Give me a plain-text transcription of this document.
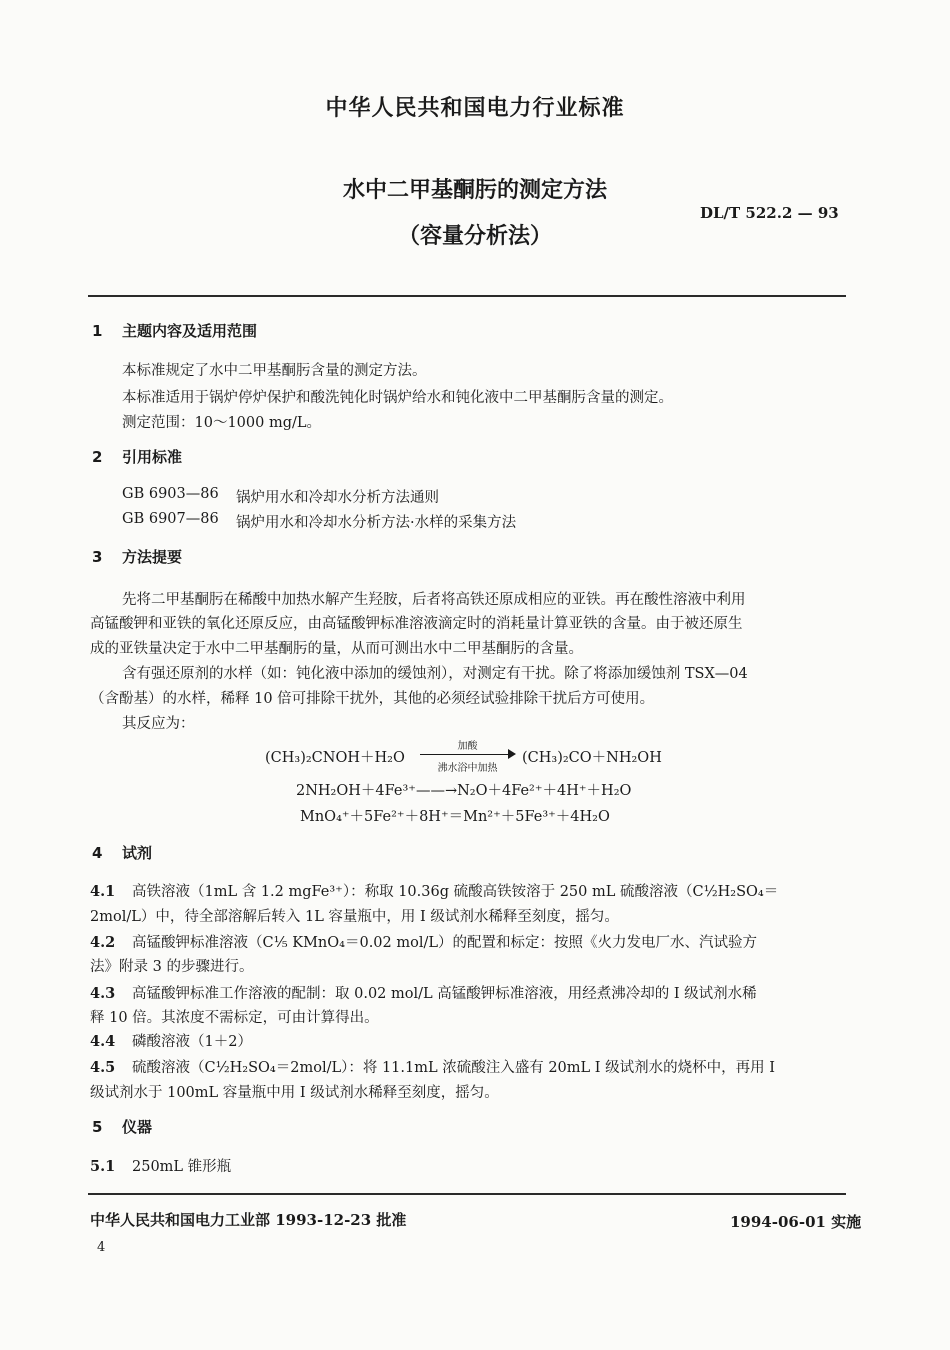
中华人民共和国电力行业标准
水中二甲基酮肟的测定方法
（容量分析法）
DL/T 522.2 — 93
1 主题内容及适用范围
本标准规定了水中二甲基酮肟含量的测定方法。
本标准适用于锅炉停炉保护和酸洗钝化时锅炉给水和钝化液中二甲基酮肟含量的测定。
测定范围：10～1000 mg/L。
2 引用标准
GB 6903—86 锅炉用水和冷却水分析方法通则
GB 6907—86 锅炉用水和冷却水分析方法·水样的采集方法
3 方法提要
先将二甲基酮肟在稀酸中加热水解产生羟胺，后者将高铁还原成相应的亚铁。再在酸性溶液中利用
高锰酸钾和亚铁的氧化还原反应，由高锰酸钾标准溶液滴定时的消耗量计算亚铁的含量。由于被还原生
成的亚铁量决定于水中二甲基酮肟的量，从而可测出水中二甲基酮肟的含量。
含有强还原剂的水样（如：钝化液中添加的缓蚀剂），对测定有干扰。除了将添加缓蚀剂 TSX—04
（含酚基）的水样，稀释 10 倍可排除干扰外，其他的必须经试验排除干扰后方可使用。
其反应为：
(CH₃)₂CNOH＋H₂O
加酸
沸水浴中加热
(CH₃)₂CO＋NH₂OH
2NH₂OH＋4Fe³⁺——→N₂O＋4Fe²⁺＋4H⁺＋H₂O
MnO₄⁺＋5Fe²⁺＋8H⁺＝Mn²⁺＋5Fe³⁺＋4H₂O
4 试剂
4.1 高铁溶液（1mL 含 1.2 mgFe³⁺）：称取 10.36g 硫酸高铁铵溶于 250 mL 硫酸溶液（C½H₂SO₄＝
2mol/L）中，待全部溶解后转入 1L 容量瓶中，用 I 级试剂水稀释至刻度，摇匀。
4.2 高锰酸钾标准溶液（C⅕ KMnO₄＝0.02 mol/L）的配置和标定：按照《火力发电厂水、汽试验方
法》附录 3 的步骤进行。
4.3 高锰酸钾标准工作溶液的配制：取 0.02 mol/L 高锰酸钾标准溶液，用经煮沸冷却的 I 级试剂水稀
释 10 倍。其浓度不需标定，可由计算得出。
4.4 磷酸溶液（1＋2）
4.5 硫酸溶液（C½H₂SO₄＝2mol/L）：将 11.1mL 浓硫酸注入盛有 20mL I 级试剂水的烧杯中，再用 I
级试剂水于 100mL 容量瓶中用 I 级试剂水稀释至刻度，摇匀。
5 仪器
5.1 250mL 锥形瓶
中华人民共和国电力工业部 1993-12-23 批准	1994-06-01 实施
4
